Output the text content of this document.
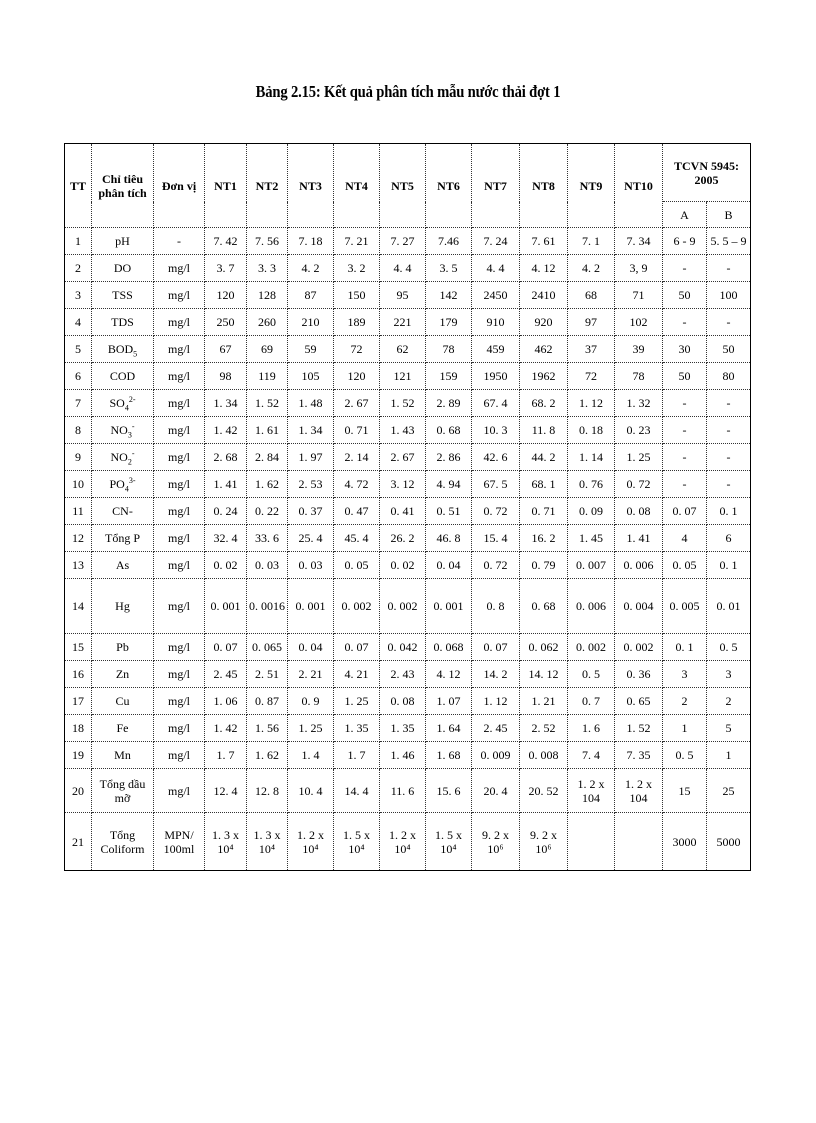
Bảng 2.15: Kết quả phân tích mẫu nước thải đợt 1
TT	Chỉ tiêu phân tích	Đơn vị	NT1	NT2	NT3	NT4	NT5	NT6	NT7	NT8	NT9	NT10	TCVN 5945: 2005	
													A	B
1	pH	-	7. 42	7. 56	7. 18	7. 21	7. 27	7.46	7. 24	7. 61	7. 1	7. 34	6 - 9	5. 5 – 9
2	DO	mg/l	3. 7	3. 3	4. 2	3. 2	4. 4	3. 5	4. 4	4. 12	4. 2	3, 9	-	-
3	TSS	mg/l	120	128	87	150	95	142	2450	2410	68	71	50	100
4	TDS	mg/l	250	260	210	189	221	179	910	920	97	102	-	-
5	$BOD_5$	mg/l	67	69	59	72	62	78	459	462	37	39	30	50
6	COD	mg/l	98	119	105	120	121	159	1950	1962	72	78	50	80
7	$SO_4^{2-}$	mg/l	1. 34	1. 52	1. 48	2. 67	1. 52	2. 89	67. 4	68. 2	1. 12	1. 32	-	-
8	$NO_3^-$	mg/l	1. 42	1. 61	1. 34	0. 71	1. 43	0. 68	10. 3	11. 8	0. 18	0. 23	-	-
9	$NO_2^-$	mg/l	2. 68	2. 84	1. 97	2. 14	2. 67	2. 86	42. 6	44. 2	1. 14	1. 25	-	-
10	$PO_4^{3-}$	mg/l	1. 41	1. 62	2. 53	4. 72	3. 12	4. 94	67. 5	68. 1	0. 76	0. 72	-	-
11	CN-	mg/l	0. 24	0. 22	0. 37	0. 47	0. 41	0. 51	0. 72	0. 71	0. 09	0. 08	0. 07	0. 1
12	Tổng P	mg/l	32. 4	33. 6	25. 4	45. 4	26. 2	46. 8	15. 4	16. 2	1. 45	1. 41	4	6
13	As	mg/l	0. 02	0. 03	0. 03	0. 05	0. 02	0. 04	0. 72	0. 79	0. 007	0. 006	0. 05	0. 1
14	Hg	mg/l	0. 001	0. 0016	0. 001	0. 002	0. 002	0. 001	0. 8	0. 68	0. 006	0. 004	0. 005	0. 01
15	Pb	mg/l	0. 07	0. 065	0. 04	0. 07	0. 042	0. 068	0. 07	0. 062	0. 002	0. 002	0. 1	0. 5
16	Zn	mg/l	2. 45	2. 51	2. 21	4. 21	2. 43	4. 12	14. 2	14. 12	0. 5	0. 36	3	3
17	Cu	mg/l	1. 06	0. 87	0. 9	1. 25	0. 08	1. 07	1. 12	1. 21	0. 7	0. 65	2	2
18	Fe	mg/l	1. 42	1. 56	1. 25	1. 35	1. 35	1. 64	2. 45	2. 52	1. 6	1. 52	1	5
19	Mn	mg/l	1. 7	1. 62	1. 4	1. 7	1. 46	1. 68	0. 009	0. 008	7. 4	7. 35	0. 5	1
20	Tổng dầu mỡ	mg/l	12. 4	12. 8	10. 4	14. 4	11. 6	15. 6	20. 4	20. 52	1. 2 x 104	1. 2 x 104	15	25
21	Tổng Coliform	MPN/ 100ml	1. 3 x 10⁴	1. 3 x 10⁴	1. 2 x 10⁴	1. 5 x 10⁴	1. 2 x 10⁴	1. 5 x 10⁴	9. 2 x 10⁶	9. 2 x 10⁶			3000	5000
